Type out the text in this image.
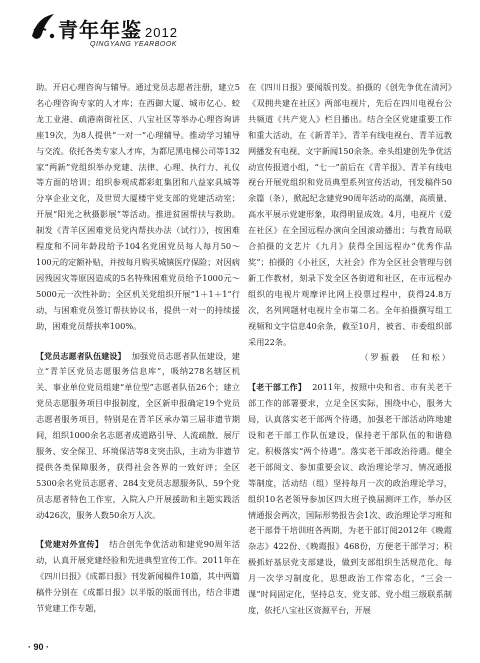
青年年鉴 2012
QINGYANG YEARBOOK

助。开启心理咨询与辅导。通过党员志愿者注册，建立5名心理咨询专家的人才库；在西御大厦、城市亿心、蛟龙工业港、疏港南街社区、八宝社区等举办心理咨询讲座19次，为8人提供“一对一”心理辅导。推动学习辅导与交流。依托各类专家人才库，为都尼黑电梯公司等132家“两新”党组织举办党建、法律、心理、执行力、礼仪等方面的培训；组织参观成都彩虹集团和八益家具城等分享企业文化，及世贸大厦楼宇党支部的党建活动室；开展“阳光之秋摄影展”等活动。推进贫困帮扶与救助。制发《青羊区困难党员党内帮扶办法（试行）》，按困难程度和不同年龄段给予104名党困党员每人每月50～100元的定额补贴，并按每月购买城镇医疗保险；对因病因残因灾等原因造成的5名特殊困难党员给予1000元～5000元一次性补助；全区机关党组织开展“1＋1＋1”行动，与困难党员签订帮扶协议书，提供一对一的持续援助，困难党员帮扶率100%。

【党员志愿者队伍建设】 加强党员志愿者队伍建设，建立“青羊区党员志愿服务信息库”，吸纳278名辖区机关、事业单位党员组建“单位型”志愿者队伍26个；建立党员志愿服务项目申报制度，全区新申报确定19个党员志愿者服务项目，特别是在青羊区承办第三届非遗节期间，组织1000余名志愿者成道路引导、人流疏散、展厅服务、安全保卫、环境保洁等8支突击队，主动为非遗节提供各类保障服务，获得社会各界的一致好评；全区5300余名党员志愿者、284支党员志愿服务队、59个党员志愿者特色工作室，入院入户开展援助和主题实践活动426次，服务人数50余万人次。

【党建对外宣传】 结合创先争优活动和建党90周年活动，认真开展党建经验和先进典型宣传工作。2011年在《四川日报》《成都日报》刊发新闻稿件10篇，其中两篇稿件分别在《成都日报》以半版的版面刊出，结合非遗节党建工作专题，

在《四川日报》要闻版刊发。拍摄的《创先争优在清河》《双拥共建在社区》两部电视片，先后在四川电视台公共频道《共产党人》栏目播出。结合全区党建重要工作和重大活动，在《新青羊》、青羊有线电视台、青羊远教网播发有电视、文字新闻150余条。牵头组建创先争优活动宣传报道小组，“七一”前后在《青羊报》、青羊有线电视台开展党组织和党员典型系列宣传活动，刊发稿件50余篇（条），掀起纪念建党90周年活动的高潮，高质量、高水平展示党建形象，取得明显成效。4月，电视片《爱在社区》在全国远程办演向全国滚动播出；与教育局联合拍摄的文艺片《九月》获得全国远程办“优秀作品奖”；拍摄的《小社区，大社会》作为全区社会管理与创新工作教材，刻录下发全区各街道和社区，在市远程办组织的电视片观摩评比网上投票过程中，获得24.8万次，名列网题材电视片全市第二名。全年拍摄撰写组工视频和文字信息40余条，截至10月，被省、市委组织部采用22条。

（罗振毅　任和松）

【老干部工作】 2011年，按照中央和省、市有关老干部工作的部署要求，立足全区实际，围绕中心，服务大局，认真落实老干部两个待遇，加强老干部活动阵地建设和老干部工作队伍建设，保持老干部队伍的和谐稳定。积极落实“两个待遇”。落实老干部政治待遇。健全老干部阅文、参加重要会议、政治理论学习、情况通报等制度，活动结（组）坚持每月一次的政治理论学习，组织10名老领导参加区四大班子换届测评工作，举办区情通报会两次，国际形势报告会1次、政治理论学习班和老干部骨干培训班各两期，为老干部订阅2012年《晚霞杂志》422份、《晚霞报》468份，方便老干部学习；积极抓好基层党支部建设，做到支部组织生活规范化、每月一次学习制度化，思想政治工作常态化，“三会一课”时间固定化，坚持总支、党支部、党小组三级联系制度，依托八宝社区资源平台，开展

· 90 ·
